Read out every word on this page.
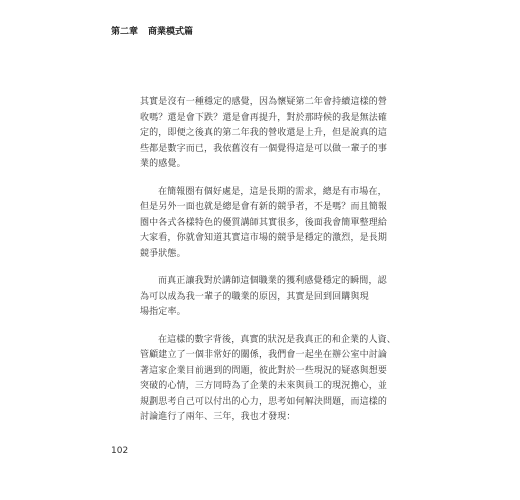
第二章 商業模式篇
其實是沒有一種穩定的感覺，因為懷疑第二年會持續這樣的營
收嗎？還是會下跌？還是會再提升，對於那時候的我是無法確
定的，即便之後真的第二年我的營收還是上升，但是說真的這
些都是數字而已，我依舊沒有一個覺得這是可以做一輩子的事
業的感覺。
在簡報圈有個好處是，這是長期的需求，總是有市場在，
但是另外一面也就是總是會有新的競爭者，不是嗎？而且簡報
圈中各式各樣特色的優質講師其實很多，後面我會簡單整理給
大家看，你就會知道其實這市場的競爭是穩定的激烈，是長期
競爭狀態。
而真正讓我對於講師這個職業的獲利感覺穩定的瞬間，認
為可以成為我一輩子的職業的原因，其實是回到回購與現
場指定率。
在這樣的數字背後，真實的狀況是我真正的和企業的人資、
管顧建立了一個非常好的關係，我們會一起坐在辦公室中討論
著這家企業目前遇到的問題，彼此對於一些現況的疑惑與想要
突破的心情，三方同時為了企業的未來與員工的現況擔心，並
規劃思考自己可以付出的心力，思考如何解決問題，而這樣的
討論進行了兩年、三年，我也才發現：
102
